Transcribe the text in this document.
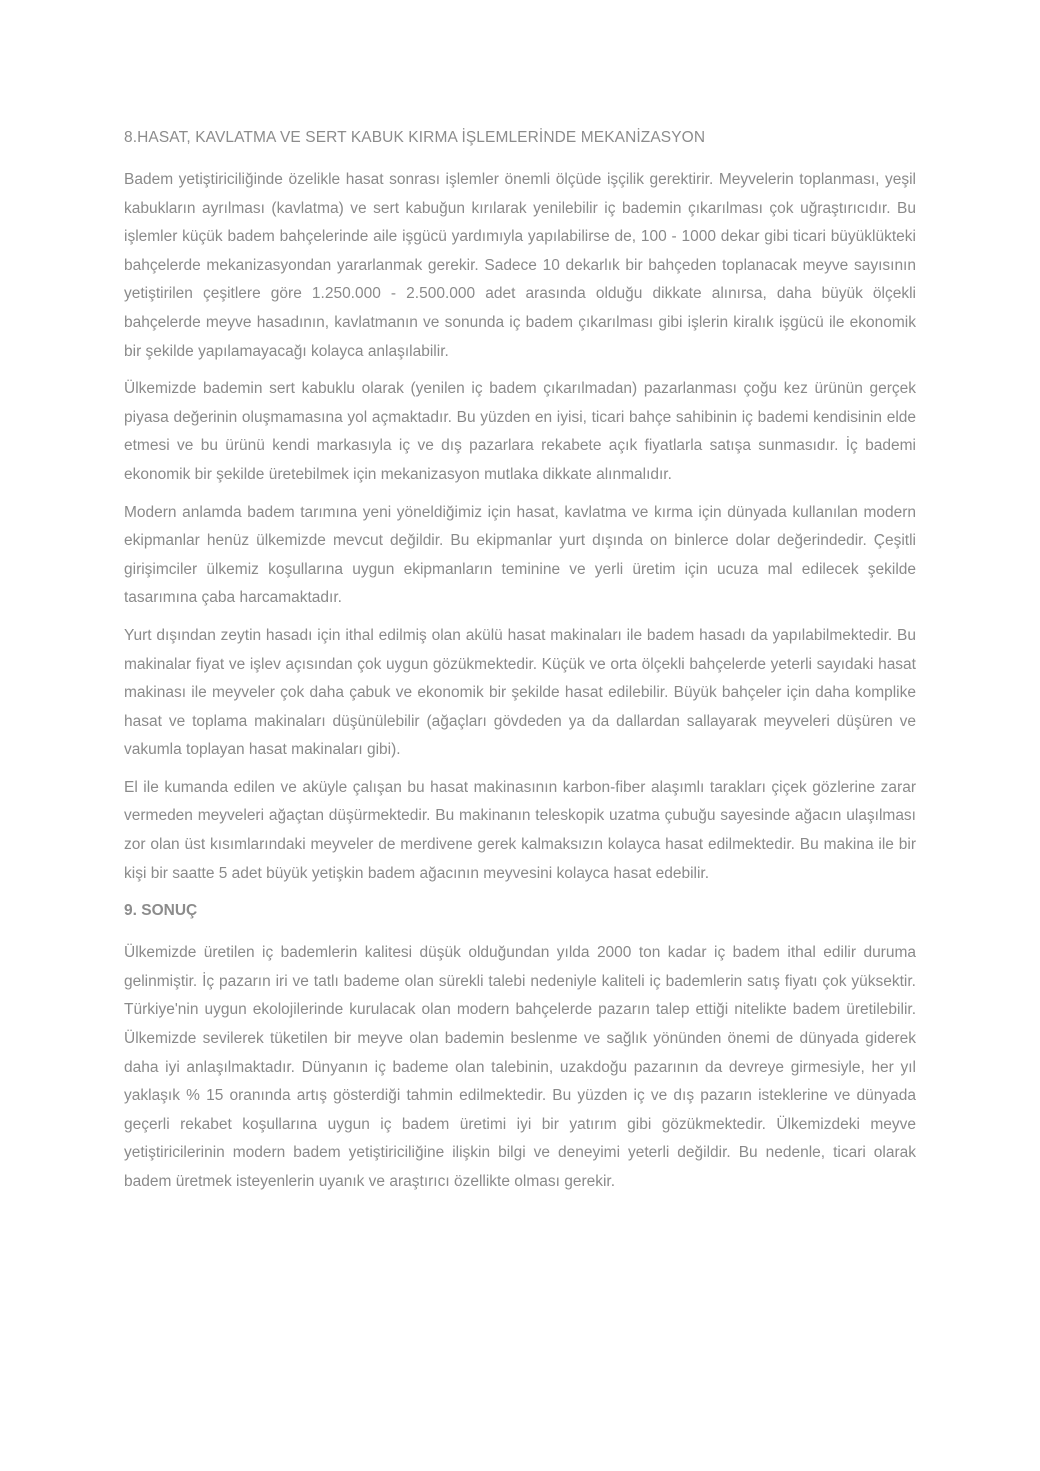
8.HASAT, KAVLATMA VE SERT KABUK KIRMA İŞLEMLERİNDE MEKANİZASYON

Badem yetiştiriciliğinde özelikle hasat sonrası işlemler önemli ölçüde işçilik gerektirir. Meyvelerin toplanması, yeşil kabukların ayrılması (kavlatma) ve sert kabuğun kırılarak yenilebilir iç bademin çıkarılması çok uğraştırıcıdır. Bu işlemler küçük badem bahçelerinde aile işgücü yardımıyla yapılabilirse de, 100 - 1000 dekar gibi ticari büyüklükteki bahçelerde mekanizasyondan yararlanmak gerekir. Sadece 10 dekarlık bir bahçeden toplanacak meyve sayısının yetiştirilen çeşitlere göre 1.250.000 - 2.500.000 adet arasında olduğu dikkate alınırsa, daha büyük ölçekli bahçelerde meyve hasadının, kavlatmanın ve sonunda iç badem çıkarılması gibi işlerin kiralık işgücü ile ekonomik bir şekilde yapılamayacağı kolayca anlaşılabilir.

Ülkemizde bademin sert kabuklu olarak (yenilen iç badem çıkarılmadan) pazarlanması çoğu kez ürünün gerçek piyasa değerinin oluşmamasına yol açmaktadır. Bu yüzden en iyisi, ticari bahçe sahibinin iç bademi kendisinin elde etmesi ve bu ürünü kendi markasıyla iç ve dış pazarlara rekabete açık fiyatlarla satışa sunmasıdır. İç bademi ekonomik bir şekilde üretebilmek için mekanizasyon mutlaka dikkate alınmalıdır.

Modern anlamda badem tarımına yeni yöneldiğimiz için hasat, kavlatma ve kırma için dünyada kullanılan modern ekipmanlar henüz ülkemizde mevcut değildir. Bu ekipmanlar yurt dışında on binlerce dolar değerindedir. Çeşitli girişimciler ülkemiz koşullarına uygun ekipmanların teminine ve yerli üretim için ucuza mal edilecek şekilde tasarımına çaba harcamaktadır.

Yurt dışından zeytin hasadı için ithal edilmiş olan akülü hasat makinaları ile badem hasadı da yapılabilmektedir. Bu makinalar fiyat ve işlev açısından çok uygun gözükmektedir. Küçük ve orta ölçekli bahçelerde yeterli sayıdaki hasat makinası ile meyveler çok daha çabuk ve ekonomik bir şekilde hasat edilebilir. Büyük bahçeler için daha komplike hasat ve toplama makinaları düşünülebilir (ağaçları gövdeden ya da dallardan sallayarak meyveleri düşüren ve vakumla toplayan hasat makinaları gibi).

El ile kumanda edilen ve aküyle çalışan bu hasat makinasının karbon-fiber alaşımlı tarakları çiçek gözlerine zarar vermeden meyveleri ağaçtan düşürmektedir. Bu makinanın teleskopik uzatma çubuğu sayesinde ağacın ulaşılması zor olan üst kısımlarındaki meyveler de merdivene gerek kalmaksızın kolayca hasat edilmektedir. Bu makina ile bir kişi bir saatte 5 adet büyük yetişkin badem ağacının meyvesini kolayca hasat edebilir.

9. SONUÇ

Ülkemizde üretilen iç bademlerin kalitesi düşük olduğundan yılda 2000 ton kadar iç badem ithal edilir duruma gelinmiştir. İç pazarın iri ve tatlı bademe olan sürekli talebi nedeniyle kaliteli iç bademlerin satış fiyatı çok yüksektir. Türkiye'nin uygun ekolojilerinde kurulacak olan modern bahçelerde pazarın talep ettiği nitelikte badem üretilebilir. Ülkemizde sevilerek tüketilen bir meyve olan bademin beslenme ve sağlık yönünden önemi de dünyada giderek daha iyi anlaşılmaktadır. Dünyanın iç bademe olan talebinin, uzakdoğu pazarının da devreye girmesiyle, her yıl yaklaşık % 15 oranında artış gösterdiği tahmin edilmektedir. Bu yüzden iç ve dış pazarın isteklerine ve dünyada geçerli rekabet koşullarına uygun iç badem üretimi iyi bir yatırım gibi gözükmektedir. Ülkemizdeki meyve yetiştiricilerinin modern badem yetiştiriciliğine ilişkin bilgi ve deneyimi yeterli değildir. Bu nedenle, ticari olarak badem üretmek isteyenlerin uyanık ve araştırıcı özellikte olması gerekir.
